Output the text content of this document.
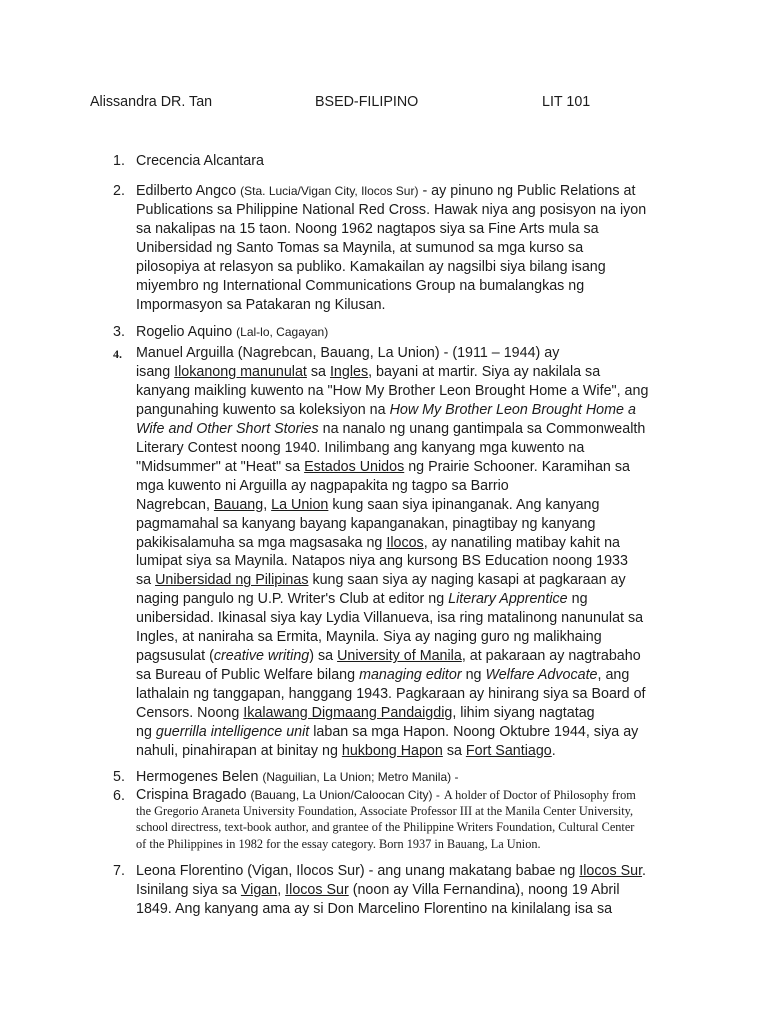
Alissandra DR. Tan	BSED-FILIPINO	LIT 101
1. Crecencia Alcantara
2. Edilberto Angco (Sta. Lucia/Vigan City, Ilocos Sur) - ay pinuno ng Public Relations at
Publications sa Philippine National Red Cross. Hawak niya ang posisyon na iyon
sa nakalipas na 15 taon. Noong 1962 nagtapos siya sa Fine Arts mula sa
Unibersidad ng Santo Tomas sa Maynila, at sumunod sa mga kurso sa
pilosopiya at relasyon sa publiko. Kamakailan ay nagsilbi siya bilang isang
miyembro ng International Communications Group na bumalangkas ng
Impormasyon sa Patakaran ng Kilusan.
3. Rogelio Aquino (Lal-lo, Cagayan)
4. Manuel Arguilla (Nagrebcan, Bauang, La Union) - (1911 – 1944) ay
isang Ilokanong manunulat sa Ingles, bayani at martir. Siya ay nakilala sa
kanyang maikling kuwento na "How My Brother Leon Brought Home a Wife", ang
pangunahing kuwento sa koleksiyon na How My Brother Leon Brought Home a
Wife and Other Short Stories na nanalo ng unang gantimpala sa Commonwealth
Literary Contest noong 1940. Inilimbang ang kanyang mga kuwento na
"Midsummer" at "Heat" sa Estados Unidos ng Prairie Schooner. Karamihan sa
mga kuwento ni Arguilla ay nagpapakita ng tagpo sa Barrio
Nagrebcan, Bauang, La Union kung saan siya ipinanganak. Ang kanyang
pagmamahal sa kanyang bayang kapanganakan, pinagtibay ng kanyang
pakikisalamuha sa mga magsasaka ng Ilocos, ay nanatiling matibay kahit na
lumipat siya sa Maynila. Natapos niya ang kursong BS Education noong 1933
sa Unibersidad ng Pilipinas kung saan siya ay naging kasapi at pagkaraan ay
naging pangulo ng U.P. Writer's Club at editor ng Literary Apprentice ng
unibersidad. Ikinasal siya kay Lydia Villanueva, isa ring matalinong nanunulat sa
Ingles, at naniraha sa Ermita, Maynila. Siya ay naging guro ng malikhaing
pagsusulat (creative writing) sa University of Manila, at pakaraan ay nagtrabaho
sa Bureau of Public Welfare bilang managing editor ng Welfare Advocate, ang
lathalain ng tanggapan, hanggang 1943. Pagkaraan ay hinirang siya sa Board of
Censors. Noong Ikalawang Digmaang Pandaigdig, lihim siyang nagtatag
ng guerrilla intelligence unit laban sa mga Hapon. Noong Oktubre 1944, siya ay
nahuli, pinahirapan at binitay ng hukbong Hapon sa Fort Santiago.
5. Hermogenes Belen (Naguilian, La Union; Metro Manila) -
6. Crispina Bragado (Bauang, La Union/Caloocan City) - A holder of Doctor of Philosophy from
the Gregorio Araneta University Foundation, Associate Professor III at the Manila Center University,
school directress, text-book author, and grantee of the Philippine Writers Foundation, Cultural Center
of the Philippines in 1982 for the essay category. Born 1937 in Bauang, La Union.
7. Leona Florentino (Vigan, Ilocos Sur) - ang unang makatang babae ng Ilocos Sur.
Isinilang siya sa Vigan, Ilocos Sur (noon ay Villa Fernandina), noong 19 Abril
1849. Ang kanyang ama ay si Don Marcelino Florentino na kinilalang isa sa
